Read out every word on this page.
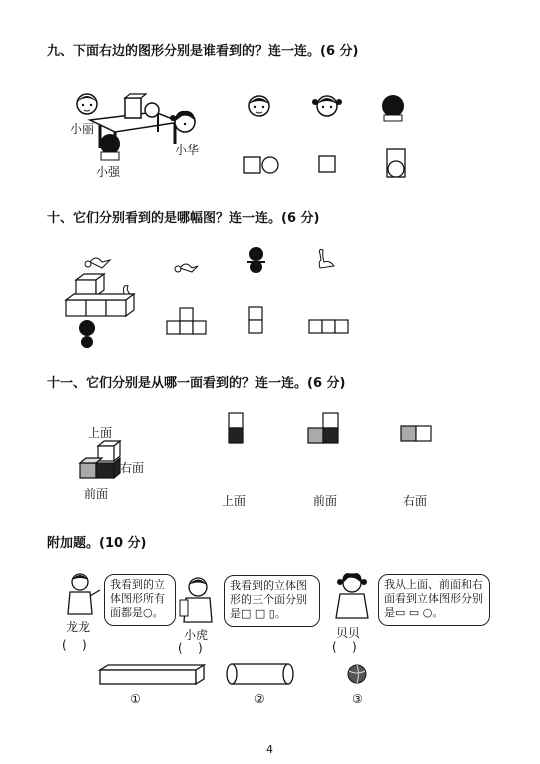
九、下面右边的图形分别是谁看到的？连一连。(6 分)
小丽
小强
小华
十、它们分别看到的是哪幅图？连一连。(6 分)
十一、它们分别是从哪一面看到的？连一连。(6 分)
上面
右面
前面	上面	前面	右面
附加题。(10 分)
我看到的立体图形所有面都是○。
龙龙
(    )
我看到的立体图形的三个面分别是□ □ ▯。
小虎
(    )
我从上面、前面和右面看到立体图形分别是▭ ▭ ○。
贝贝
(    )
①	②	③
4
